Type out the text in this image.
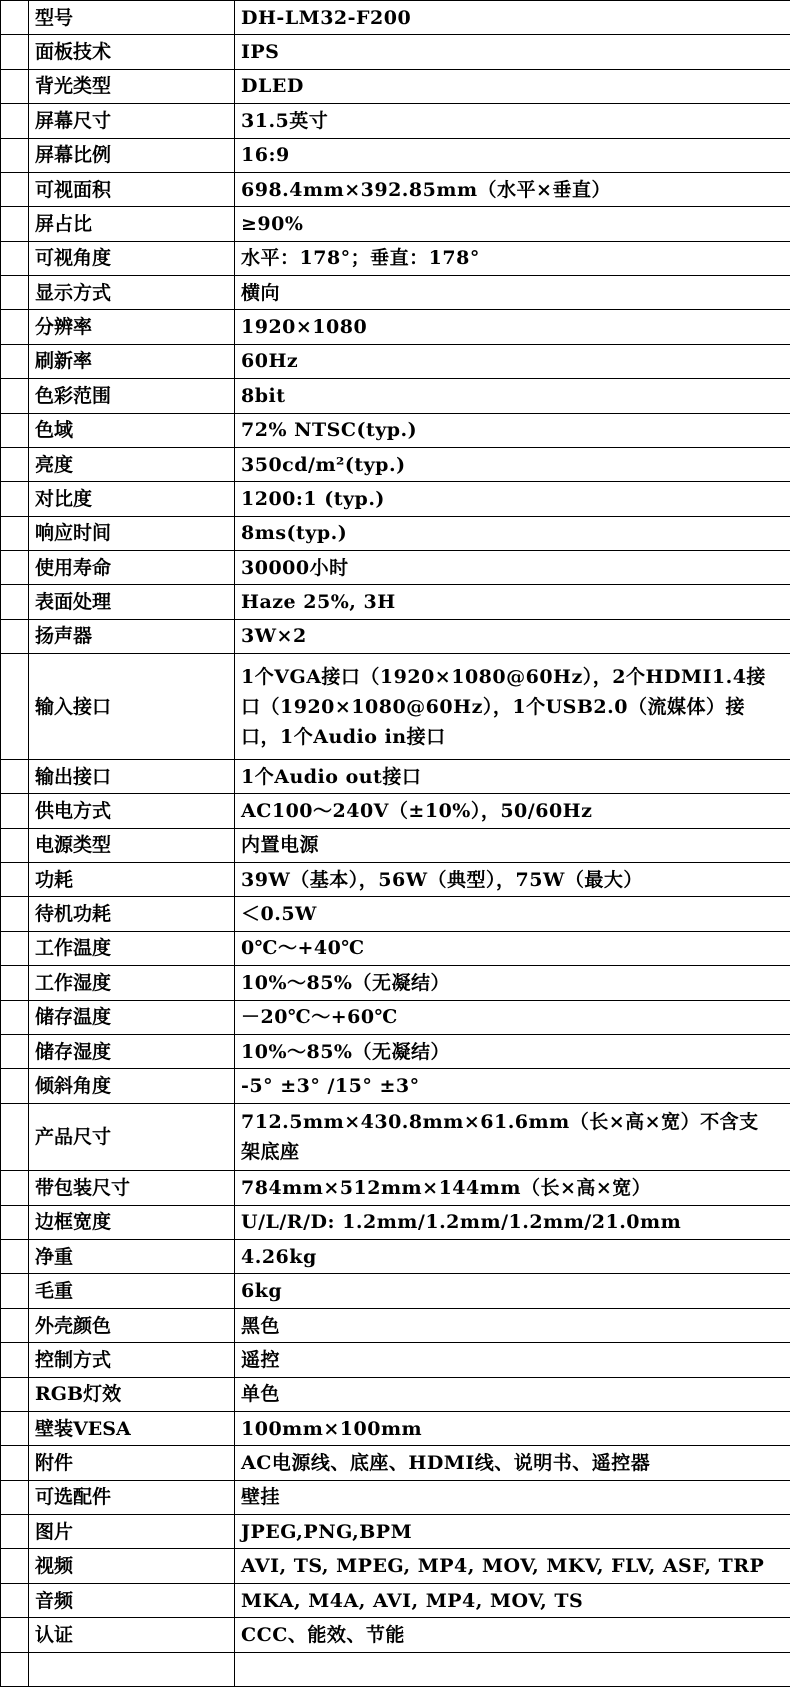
	型号	DH-LM32-F200
	面板技术	IPS
	背光类型	DLED
	屏幕尺寸	31.5英寸
	屏幕比例	16:9
	可视面积	698.4mm×392.85mm（水平×垂直）
	屏占比	≥90%
	可视角度	水平：178°；垂直：178°
	显示方式	横向
	分辨率	1920×1080
	刷新率	60Hz
	色彩范围	8bit
	色域	72% NTSC(typ.)
	亮度	350cd/m²(typ.)
	对比度	1200:1 (typ.)
	响应时间	8ms(typ.)
	使用寿命	30000小时
	表面处理	Haze 25%, 3H
	扬声器	3W×2
	输入接口	1个VGA接口（1920×1080@60Hz），2个HDMI1.4接
口（1920×1080@60Hz），1个USB2.0（流媒体）接
口，1个Audio in接口

	输出接口	1个Audio out接口
	供电方式	AC100～240V（±10%），50/60Hz
	电源类型	内置电源
	功耗	39W（基本），56W（典型），75W（最大）
	待机功耗	＜0.5W
	工作温度	0℃～+40℃
	工作湿度	10%～85%（无凝结）
	储存温度	－20℃～+60℃
	储存湿度	10%～85%（无凝结）
	倾斜角度	-5° ±3° /15° ±3°
	产品尺寸	712.5mm×430.8mm×61.6mm（长×高×宽）不含支
架底座

	带包装尺寸	784mm×512mm×144mm（长×高×宽）
	边框宽度	U/L/R/D: 1.2mm/1.2mm/1.2mm/21.0mm
	净重	4.26kg
	毛重	6kg
	外壳颜色	黑色
	控制方式	遥控
	RGB灯效	单色
	壁装VESA	100mm×100mm
	附件	AC电源线、底座、HDMI线、说明书、遥控器
	可选配件	壁挂
	图片	JPEG,PNG,BPM
	视频	AVI, TS, MPEG, MP4, MOV, MKV, FLV, ASF, TRP
	音频	MKA, M4A, AVI, MP4, MOV, TS
	认证	CCC、能效、节能
